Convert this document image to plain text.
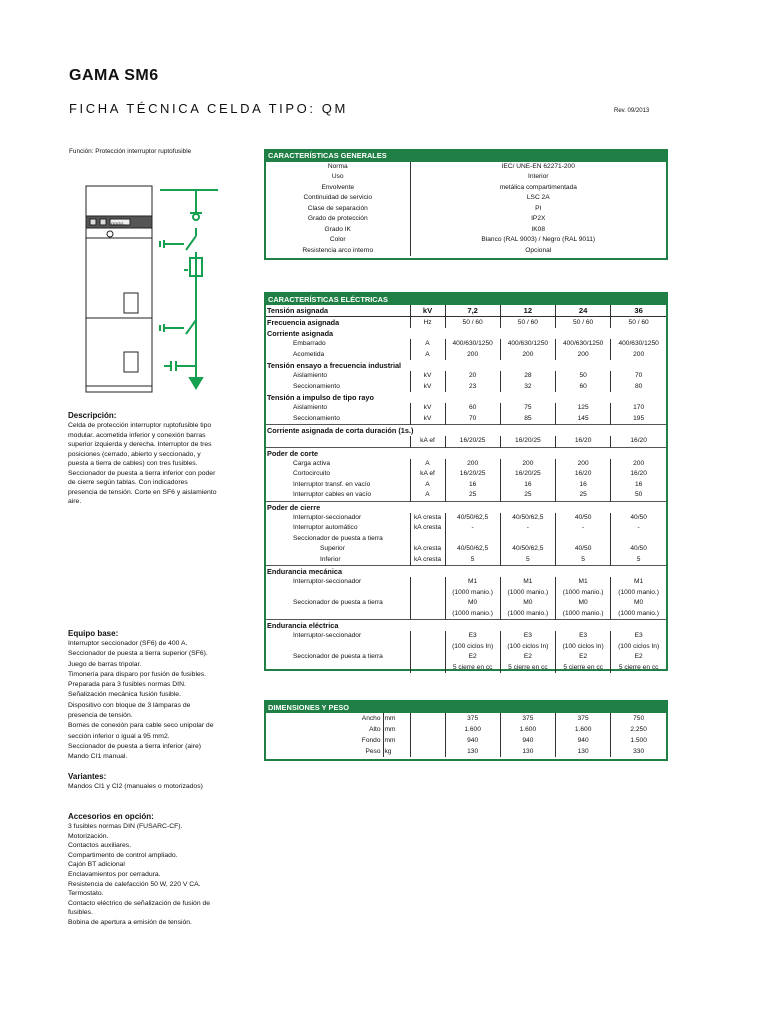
GAMA SM6
FICHA TÉCNICA CELDA TIPO: QM	Rev. 09/2013
Función: Protección interruptor ruptofusible
GGGG
Descripción:

Celda de protección interruptor ruptofusible tipo
modular. acometida inferior y conexión barras
superior izquierda y derecha. Interruptor de tres
posiciones (cerrado, abierto y seccionado, y
puesta a tierra de cables) con tres fusibles.
Seccionador de puesta a tierra inferior con poder
de cierre según tablas. Con indicadores
presencia de tensión. Corte en SF6 y aislamiento
aire.

Equipo base:

Interruptor seccionador (SF6) de 400 A.
Seccionador de puesta a tierra superior (SF6).
Juego de barras tripolar.
Timonería para disparo por fusión de fusibles.
Preparada para 3 fusibles normas DIN.
Señalización mecánica fusión fusible.
Dispositivo con bloque de 3 lámparas de
presencia de tensión.
Bornes de conexión para cable seco unipolar de
sección inferior o igual a 95 mm2.
Seccionador de puesta a tierra inferior (aire)
Mando CI1 manual.

Variantes:

Mandos CI1 y CI2 (manuales o motorizados)

Accesorios en opción:

3 fusibles normas DIN (FUSARC-CF).
Motorización.
Contactos auxiliares.
Compartimento de control ampliado.
Cajón BT adicional
Enclavamientos por cerradura.
Resistencia de calefacción 50 W, 220 V CA.
Termostato.
Contacto eléctrico de señalización de fusión de
fusibles.
Bobina de apertura a emisión de tensión.

CARACTERÍSTICAS GENERALES	
Norma	IEC/ UNE-EN 62271-200
Uso	Interior
Envolvente	metálica compartimentada
Continuidad de servicio	LSC 2A
Clase de separación	PI
Grado de protección	IP2X
Grado IK	IK08
Color	Blanco (RAL 9003) / Negro (RAL 9011)
Resistencia arco interno	Opcional
CARACTERÍSTICAS ELÉCTRICAS					
Tensión asignada	kV	7,2	12	24	36
Frecuencia asignada	Hz	50 / 60	50 / 60	50 / 60	50 / 60
Corriente asignada					
Embarrado	A	400/630/1250	400/630/1250	400/630/1250	400/630/1250
Acometida	A	200	200	200	200
Tensión ensayo a frecuencia industrial					
Aislamiento	kV	20	28	50	70
Seccionamiento	kV	23	32	60	80
Tensión a impulso de tipo rayo					
Aislamiento	kV	60	75	125	170
Seccionamiento	kV	70	85	145	195
Corriente asignada de corta duración (1s.)					
	kA ef	16/20/25	16/20/25	16/20	16/20
Poder de corte					
Carga activa	A	200	200	200	200
Cortocircuito	kA ef	16/20/25	16/20/25	16/20	16/20
Interruptor transf. en vacío	A	16	16	16	16
Interruptor cables en vacío	A	25	25	25	50
Poder de cierre					
Interruptor-seccionador	kA cresta	40/50/62,5	40/50/62,5	40/50	40/50
Interruptor automático	kA cresta	-	-	-	-
Seccionador de puesta a tierra					
Superior	kA cresta	40/50/62,5	40/50/62,5	40/50	40/50
Inferior	kA cresta	5	5	5	5
Endurancia mecánica					
Interruptor-seccionador		M1	M1	M1	M1
		(1000 manio.)	(1000 manio.)	(1000 manio.)	(1000 manio.)
Seccionador de puesta a tierra		M0	M0	M0	M0
		(1000 manio.)	(1000 manio.)	(1000 manio.)	(1000 manio.)
Endurancia eléctrica					
Interruptor-seccionador		E3	E3	E3	E3
		(100 ciclos In)	(100 ciclos In)	(100 ciclos In)	(100 ciclos In)
Seccionador de puesta a tierra		E2	E2	E2	E2
		5 cierre en cc	5 cierre en cc	5 cierre en cc	5 cierre en cc
DIMENSIONES Y PESO						
Ancho	mm		375	375	375	750
Alto	mm		1.600	1.600	1.600	2.250
Fondo	mm		940	940	940	1.500
Peso	kg		130	130	130	330
